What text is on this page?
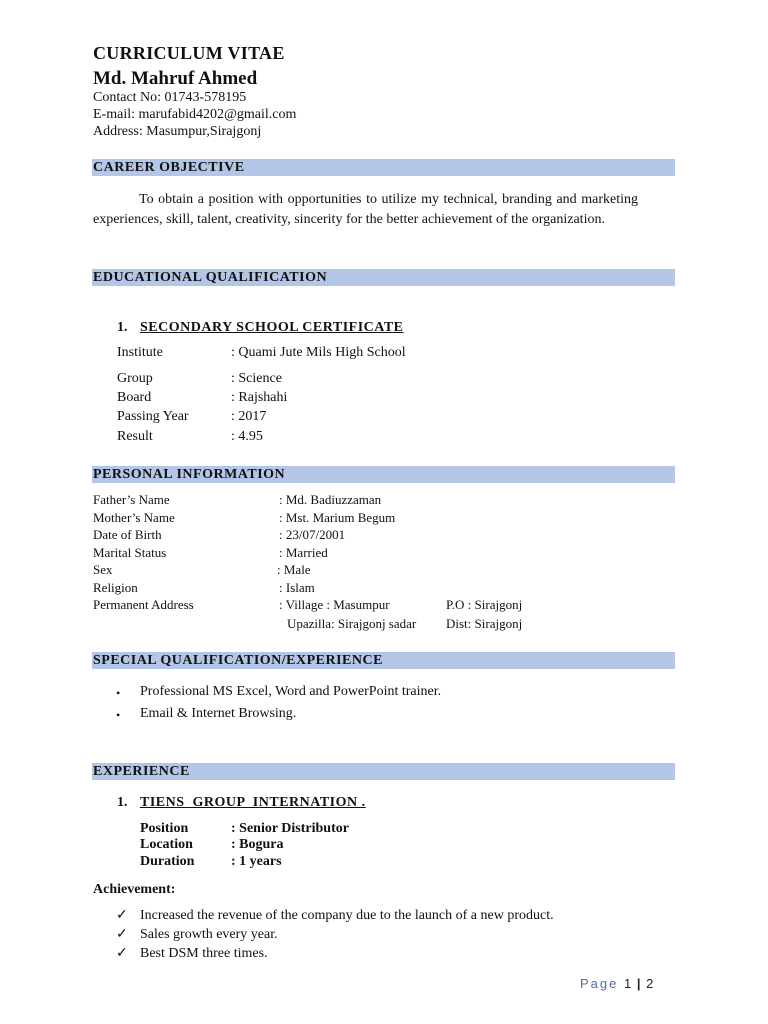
CURRICULUM VITAE
Md. Mahruf Ahmed
Contact No: 01743-578195
E-mail: marufabid4202@gmail.com
Address: Masumpur,Sirajgonj
CAREER OBJECTIVE
To obtain a position with opportunities to utilize my technical, branding and marketing experiences, skill, talent, creativity, sincerity for the better achievement of the organization.
EDUCATIONAL QUALIFICATION
1. SECONDARY SCHOOL CERTIFICATE
Institute	: Quami Jute Mils High School
Group	: Science
Board	: Rajshahi
Passing Year	: 2017
Result	: 4.95
PERSONAL INFORMATION
Father’s Name	: Md. Badiuzzaman
Mother’s Name	: Mst. Marium Begum
Date of Birth	: 23/07/2001
Marital Status	: Married
Sex	: Male
Religion	: Islam
Permanent Address	: Village : Masumpur	P.O : Sirajgonj
Upazilla: Sirajgonj sadar Dist: Sirajgonj
SPECIAL QUALIFICATION/EXPERIENCE
• Professional MS Excel, Word and PowerPoint trainer.
• Email & Internet Browsing.
EXPERIENCE
1. TIENS  GROUP  INTERNATION .
Position	: Senior Distributor
Location	: Bogura
Duration	: 1 years
Achievement:
✓ Increased the revenue of the company due to the launch of a new product.
✓ Sales growth every year.
✓ Best DSM three times.
Page 1 | 2
